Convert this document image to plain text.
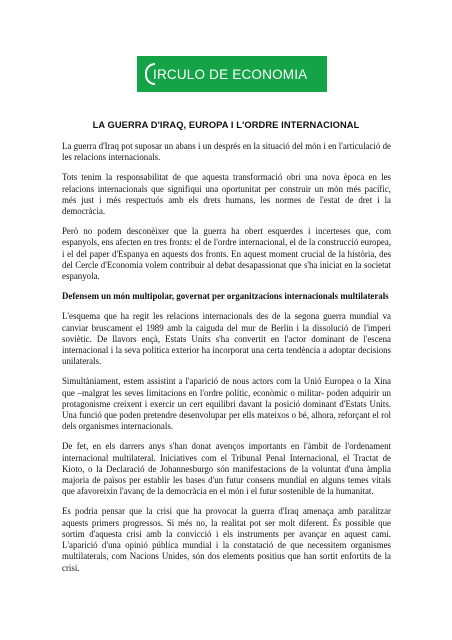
IRCULO DE ECONOMIA
LA GUERRA D'IRAQ, EUROPA I L'ORDRE INTERNACIONAL

La guerra d'Iraq pot suposar un abans i un després en la situació del món i en l'articulació de les relacions internacionals.

Tots tenim la responsabilitat de que aquesta transformació obri una nova època en les relacions internacionals que signifiqui una oportunitat per construir un món més pacífic, més just i més respectuós amb els drets humans, les normes de l'estat de dret i la democràcia.

Però no podem desconèixer que la guerra ha obert esquerdes i incerteses que, com espanyols, ens afecten en tres fronts: el de l'ordre internacional, el de la construcció europea, i el del paper d'Espanya en aquests dos fronts. En aquest moment crucial de la història, des del Cercle d'Economia volem contribuir al debat desapassionat que s'ha iniciat en la societat espanyola.

Defensem un món multipolar, governat per organitzacions internacionals multilaterals

L'esquema que ha regit les relacions internacionals des de la segona guerra mundial va canviar bruscament el 1989 amb la caiguda del mur de Berlín i la dissolució de l'imperi soviètic. De llavors ençà, Estats Units s'ha convertit en l'actor dominant de l'escena internacional i la seva política exterior ha incorporat una certa tendència a adoptar decisions unilaterals.

Simultàniament, estem assistint a l'aparició de nous actors com la Unió Europea o la Xina que –malgrat les seves limitacions en l'ordre polític, econòmic o militar- poden adquirir un protagonisme creixent i exercir un cert equilibri davant la posició dominant d'Estats Units. Una funció que poden pretendre desenvolupar per ells mateixos o bé, alhora, reforçant el rol dels organismes internacionals.

De fet, en els darrers anys s'han donat avenços importants en l'àmbit de l'ordenament internacional multilateral. Iniciatives com el Tribunal Penal Internacional, el Tractat de Kioto, o la Declaració de Johannesburgo són manifestacions de la voluntat d'una àmplia majoria de països per establir les bases d'un futur consens mundial en alguns temes vitals que afavoreixin l'avanç de la democràcia en el món i el futur sostenible de la humanitat.

Es podria pensar que la crisi que ha provocat la guerra d'Iraq amenaça amb paralitzar aquests primers progressos. Si més no, la realitat pot ser molt diferent. És possible que sortim d'aquesta crisi amb la convicció i els instruments per avançar en aquest camí. L'aparició d'una opinió pública mundial i la constatació de que necessitem organismes multilaterals, com Nacions Unides, són dos elements positius que han sortit enfortits de la crisi.
